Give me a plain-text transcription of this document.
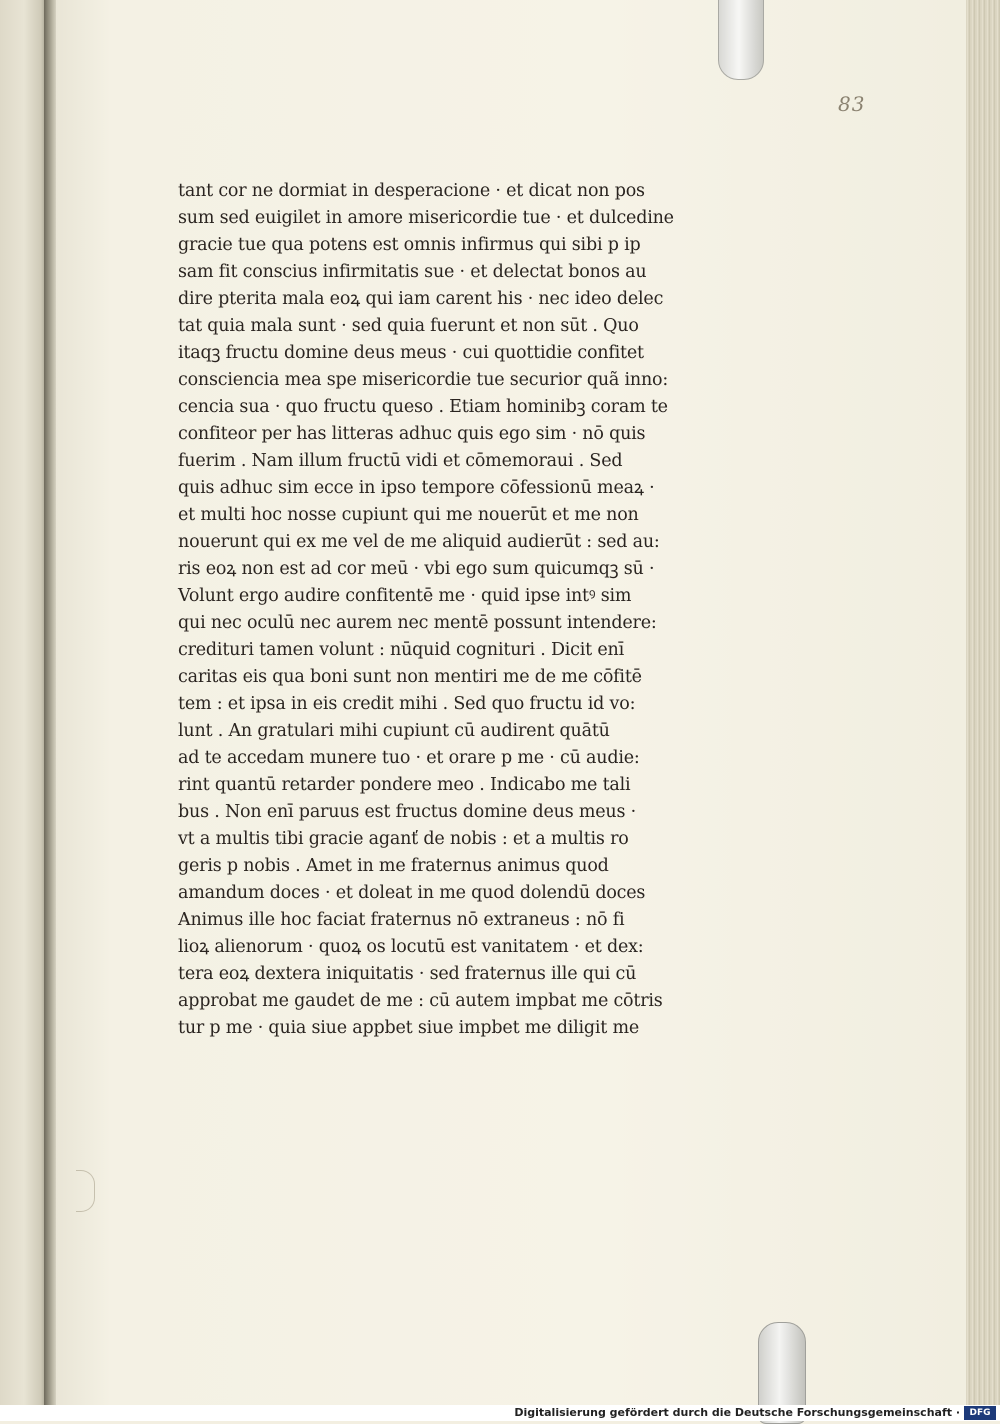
83
tant cor ne dormiat in desperacione · et dicat non pos
sum sed euigilet in amore misericordie tue · et dulcedine
gracie tue qua potens est omnis infirmus qui sibi p ip
sam fit conscius infirmitatis sue · et delectat bonos au
dire pterita mala eoꝝ qui iam carent his · nec ideo delec
tat quia mala sunt · sed quia fuerunt et non sūt . Quo
itaqꝫ fructu domine deus meus · cui quottidie confitet
consciencia mea spe misericordie tue securior quã inno:
cencia sua · quo fructu queso . Etiam hominibꝫ coram te
confiteor per has litteras adhuc quis ego sim · nō quis
fuerim . Nam illum fructū vidi et cōmemoraui . Sed
quis adhuc sim ecce in ipso tempore cōfessionū meaꝝ ·
et multi hoc nosse cupiunt qui me nouerūt et me non
nouerunt qui ex me vel de me aliquid audierūt : sed au:
ris eoꝝ non est ad cor meū · vbi ego sum quicumqꝫ sū ·
Volunt ergo audire confitentē me · quid ipse intꝰ sim
qui nec oculū nec aurem nec mentē possunt intendere:
credituri tamen volunt : nūquid cognituri . Dicit enī
caritas eis qua boni sunt non mentiri me de me cōfitē
tem : et ipsa in eis credit mihi . Sed quo fructu id vo:
lunt . An gratulari mihi cupiunt cū audirent quātū
ad te accedam munere tuo · et orare p me · cū audie:
rint quantū retarder pondere meo . Indicabo me tali
bus . Non enī paruus est fructus domine deus meus ·
vt a multis tibi gracie aganť de nobis : et a multis ro
geris p nobis . Amet in me fraternus animus quod
amandum doces · et doleat in me quod dolendū doces
Animus ille hoc faciat fraternus nō extraneus : nō fi
lioꝝ alienorum · quoꝝ os locutū est vanitatem · et dex:
tera eoꝝ dextera iniquitatis · sed fraternus ille qui cū
approbat me gaudet de me : cū autem impbat me cōtris
tur p me · quia siue appbet siue impbet me diligit me
Digitalisierung gefördert durch die Deutsche Forschungsgemeinschaft ·	DFG
